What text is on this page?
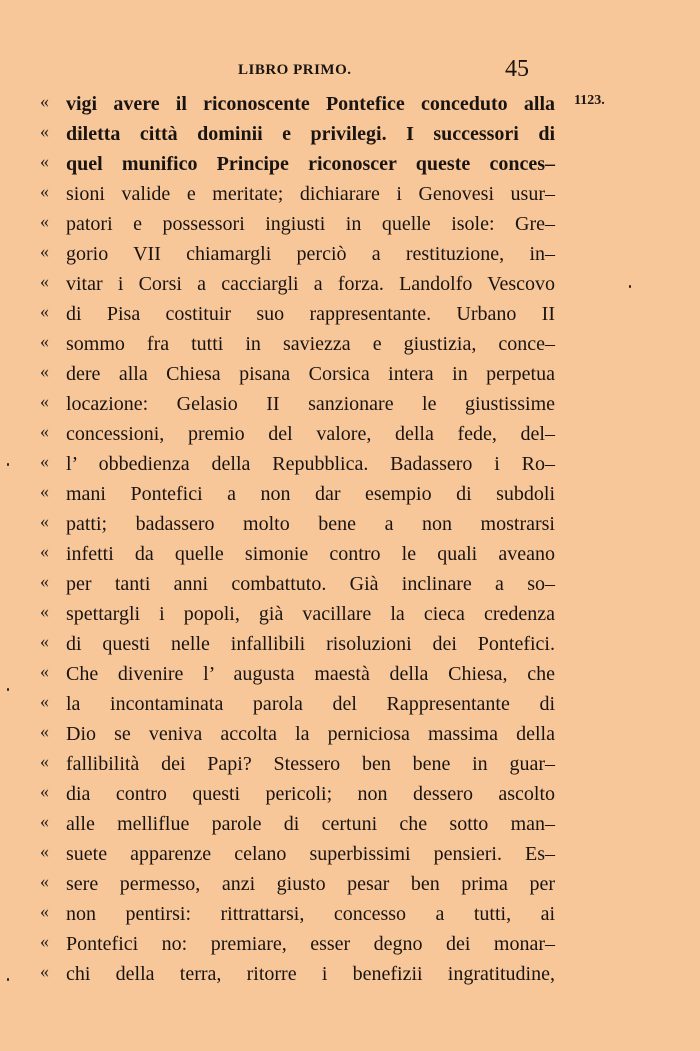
LIBRO PRIMO.	45
« vigi avere il riconoscente Pontefice conceduto alla 1123.
« diletta città dominii e privilegi. I successori di
« quel munifico Principe riconoscer queste conces–
« sioni valide e meritate; dichiarare i Genovesi usur–
« patori e possessori ingiusti in quelle isole: Gre–
« gorio VII chiamargli perciò a restituzione, in–
« vitar i Corsi a cacciargli a forza. Landolfo Vescovo
« di Pisa costituir suo rappresentante. Urbano II
« sommo fra tutti in saviezza e giustizia, conce–
« dere alla Chiesa pisana Corsica intera in perpetua
« locazione: Gelasio II sanzionare le giustissime
« concessioni, premio del valore, della fede, del–
« l’ obbedienza della Repubblica. Badassero i Ro–
« mani Pontefici a non dar esempio di subdoli
« patti; badassero molto bene a non mostrarsi
« infetti da quelle simonie contro le quali aveano
« per tanti anni combattuto. Già inclinare a so–
« spettargli i popoli, già vacillare la cieca credenza
« di questi nelle infallibili risoluzioni dei Pontefici.
« Che divenire l’ augusta maestà della Chiesa, che
« la incontaminata parola del Rappresentante di
« Dio se veniva accolta la perniciosa massima della
« fallibilità dei Papi? Stessero ben bene in guar–
« dia contro questi pericoli; non dessero ascolto
« alle melliflue parole di certuni che sotto man–
« suete apparenze celano superbissimi pensieri. Es–
« sere permesso, anzi giusto pesar ben prima per
« non pentirsi: rittrattarsi, concesso a tutti, ai
« Pontefici no: premiare, esser degno dei monar–
« chi della terra, ritorre i benefizii ingratitudine,
